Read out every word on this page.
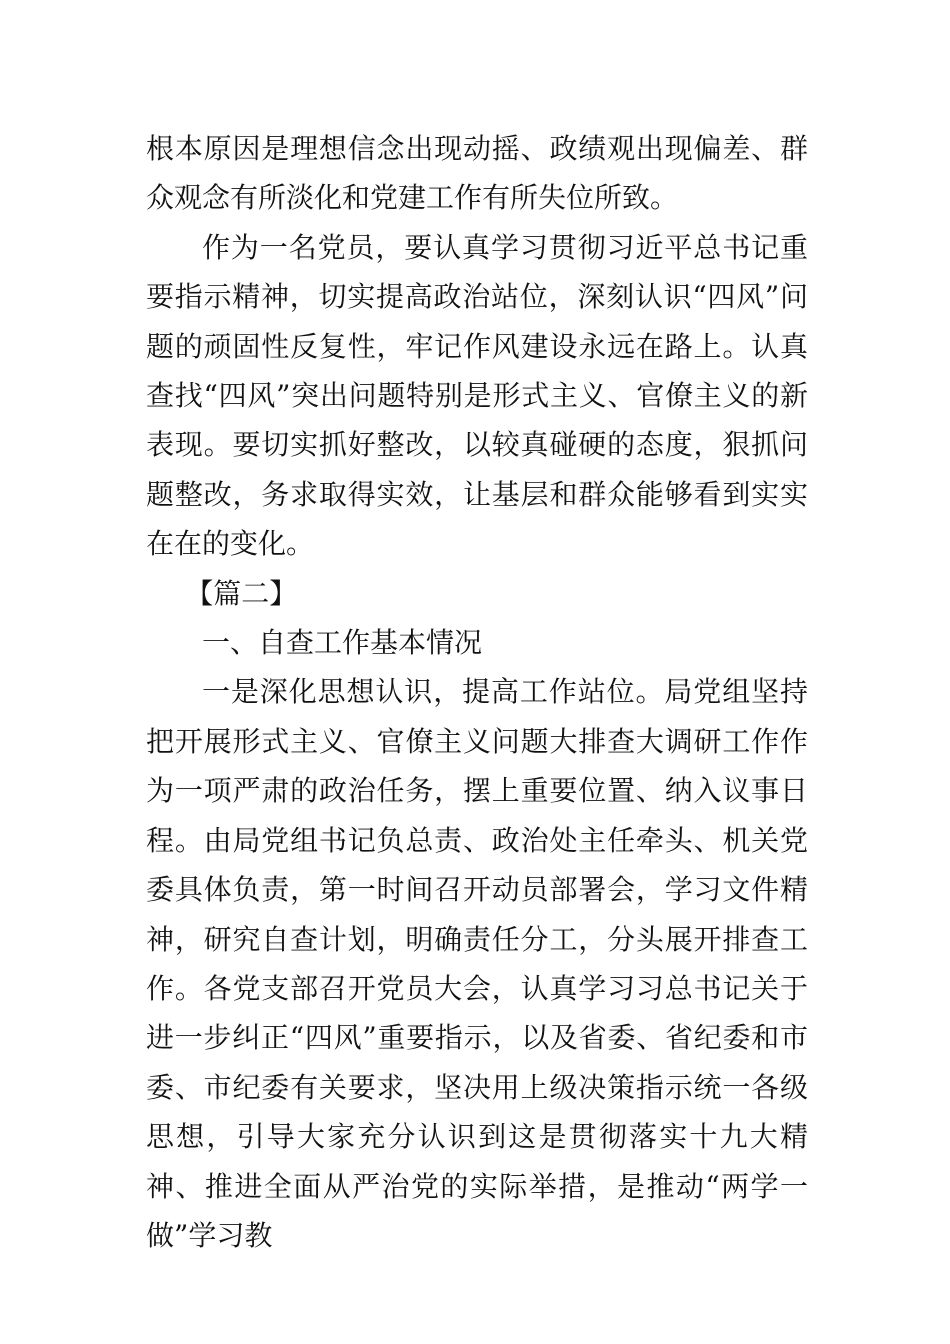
根本原因是理想信念出现动摇、政绩观出现偏差、群众观念有所淡化和党建工作有所失位所致。

作为一名党员，要认真学习贯彻习近平总书记重要指示精神，切实提高政治站位，深刻认识“四风”问题的顽固性反复性，牢记作风建设永远在路上。认真查找“四风”突出问题特别是形式主义、官僚主义的新表现。要切实抓好整改，以较真碰硬的态度，狠抓问题整改，务求取得实效，让基层和群众能够看到实实在在的变化。

【篇二】

一、自查工作基本情况

一是深化思想认识，提高工作站位。局党组坚持把开展形式主义、官僚主义问题大排查大调研工作作为一项严肃的政治任务，摆上重要位置、纳入议事日程。由局党组书记负总责、政治处主任牵头、机关党委具体负责，第一时间召开动员部署会，学习文件精神，研究自查计划，明确责任分工，分头展开排查工作。各党支部召开党员大会，认真学习习总书记关于进一步纠正“四风”重要指示，以及省委、省纪委和市委、市纪委有关要求，坚决用上级决策指示统一各级思想，引导大家充分认识到这是贯彻落实十九大精神、推进全面从严治党的实际举措，是推动“两学一做”学习教
